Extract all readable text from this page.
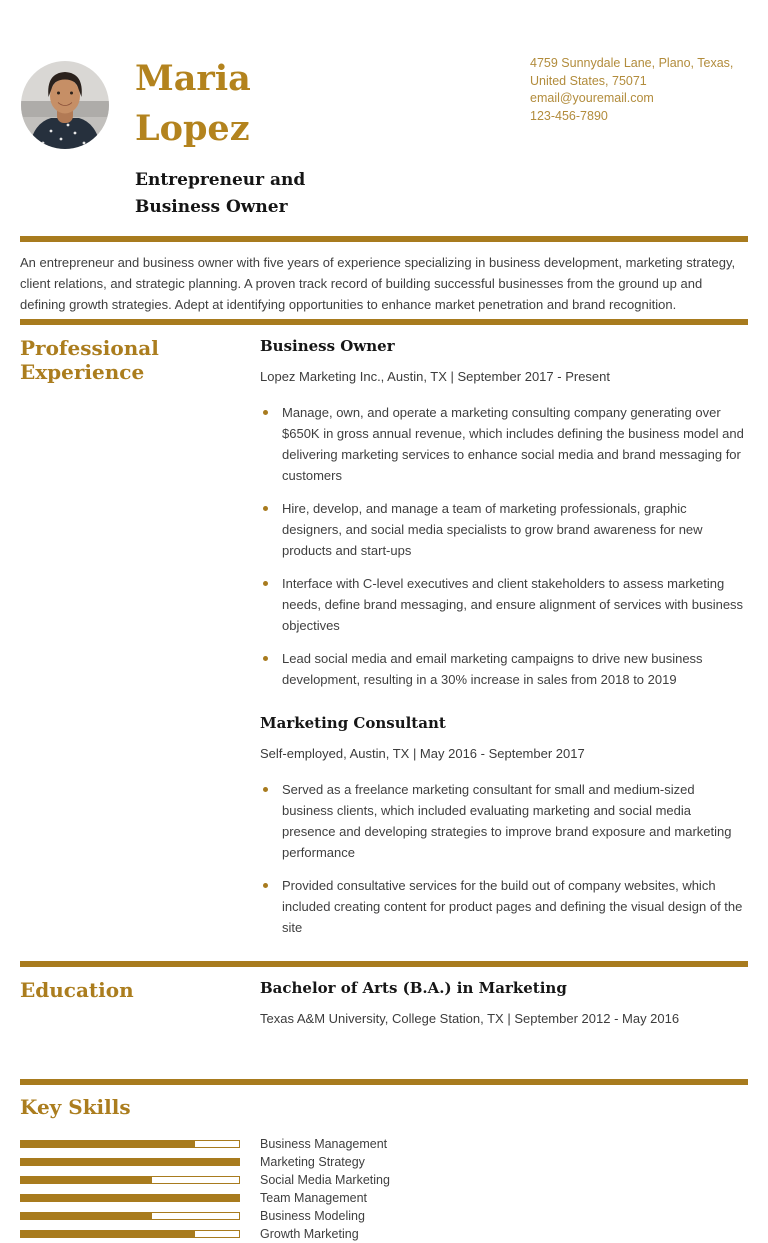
Maria
Lopez
Entrepreneur and
Business Owner
4759 Sunnydale Lane, Plano, Texas,
United States, 75071
email@youremail.com
123-456-7890

An entrepreneur and business owner with five years of experience specializing in business development, marketing strategy, client relations, and strategic planning. A proven track record of building successful businesses from the ground up and defining growth strategies. Adept at identifying opportunities to enhance market penetration and brand recognition.

Professional Experience
Business Owner
Lopez Marketing Inc., Austin, TX | September 2017 - Present
Manage, own, and operate a marketing consulting company generating over $650K in gross annual revenue, which includes defining the business model and delivering marketing services to enhance social media and brand messaging for customers
Hire, develop, and manage a team of marketing professionals, graphic designers, and social media specialists to grow brand awareness for new products and start-ups
Interface with C-level executives and client stakeholders to assess marketing needs, define brand messaging, and ensure alignment of services with business objectives
Lead social media and email marketing campaigns to drive new business development, resulting in a 30% increase in sales from 2018 to 2019
Marketing Consultant
Self-employed, Austin, TX | May 2016 - September 2017
Served as a freelance marketing consultant for small and medium-sized business clients, which included evaluating marketing and social media presence and developing strategies to improve brand exposure and marketing performance
Provided consultative services for the build out of company websites, which included creating content for product pages and defining the visual design of the site
Education	Bachelor of Arts (B.A.) in Marketing
Texas A&M University, College Station, TX | September 2012 - May 2016
Key Skills
Business Management
Marketing Strategy
Social Media Marketing
Team Management
Business Modeling
Growth Marketing
